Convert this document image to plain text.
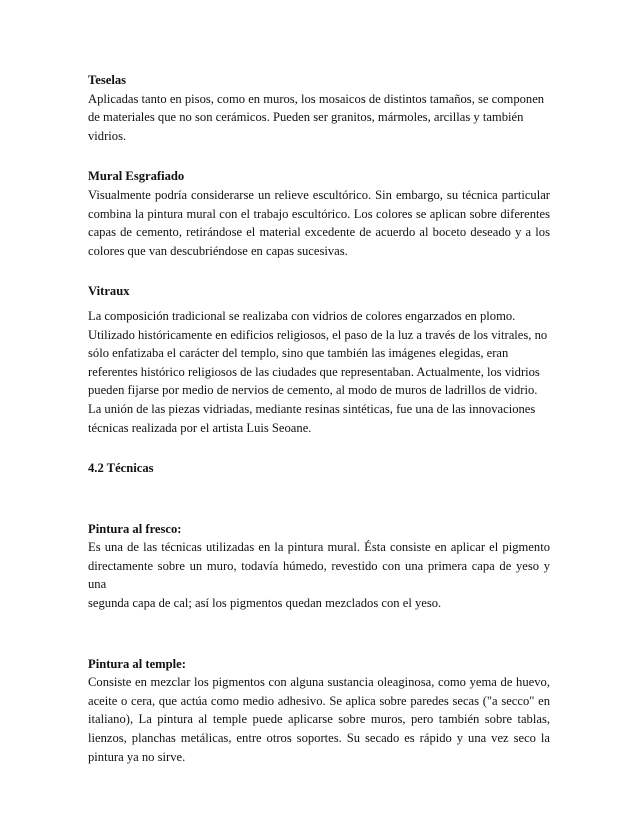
Teselas
Aplicadas tanto en pisos, como en muros, los mosaicos de distintos tamaños, se componen
de materiales que no son cerámicos. Pueden ser granitos, mármoles, arcillas y también
vidrios.
Mural Esgrafiado
Visualmente podría considerarse un relieve escultórico. Sin embargo, su técnica particular
combina la pintura mural con el trabajo escultórico. Los colores se aplican sobre diferentes
capas de cemento, retirándose el material excedente de acuerdo al boceto deseado y a los
colores que van descubriéndose en capas sucesivas.
Vitraux
La composición tradicional se realizaba con vidrios de colores engarzados en plomo.
Utilizado históricamente en edificios religiosos, el paso de la luz a través de los vitrales, no
sólo enfatizaba el carácter del templo, sino que también las imágenes elegidas, eran
referentes histórico religiosos de las ciudades que representaban. Actualmente, los vidrios
pueden fijarse por medio de nervios de cemento, al modo de muros de ladrillos de vidrio.
La unión de las piezas vidriadas, mediante resinas sintéticas, fue una de las innovaciones
técnicas realizada por el artista Luis Seoane.
4.2 Técnicas
Pintura al fresco:
Es una de las técnicas utilizadas en la pintura mural. Ésta consiste en aplicar el pigmento
directamente sobre un muro, todavía húmedo, revestido con una primera capa de yeso y una
segunda capa de cal; así los pigmentos quedan mezclados con el yeso.
Pintura al temple:
Consiste en mezclar los pigmentos con alguna sustancia oleaginosa, como yema de huevo,
aceite o cera, que actúa como medio adhesivo. Se aplica sobre paredes secas ("a secco" en
italiano), La pintura al temple puede aplicarse sobre muros, pero también sobre tablas,
lienzos, planchas metálicas, entre otros soportes. Su secado es rápido y una vez seco la
pintura ya no sirve.
